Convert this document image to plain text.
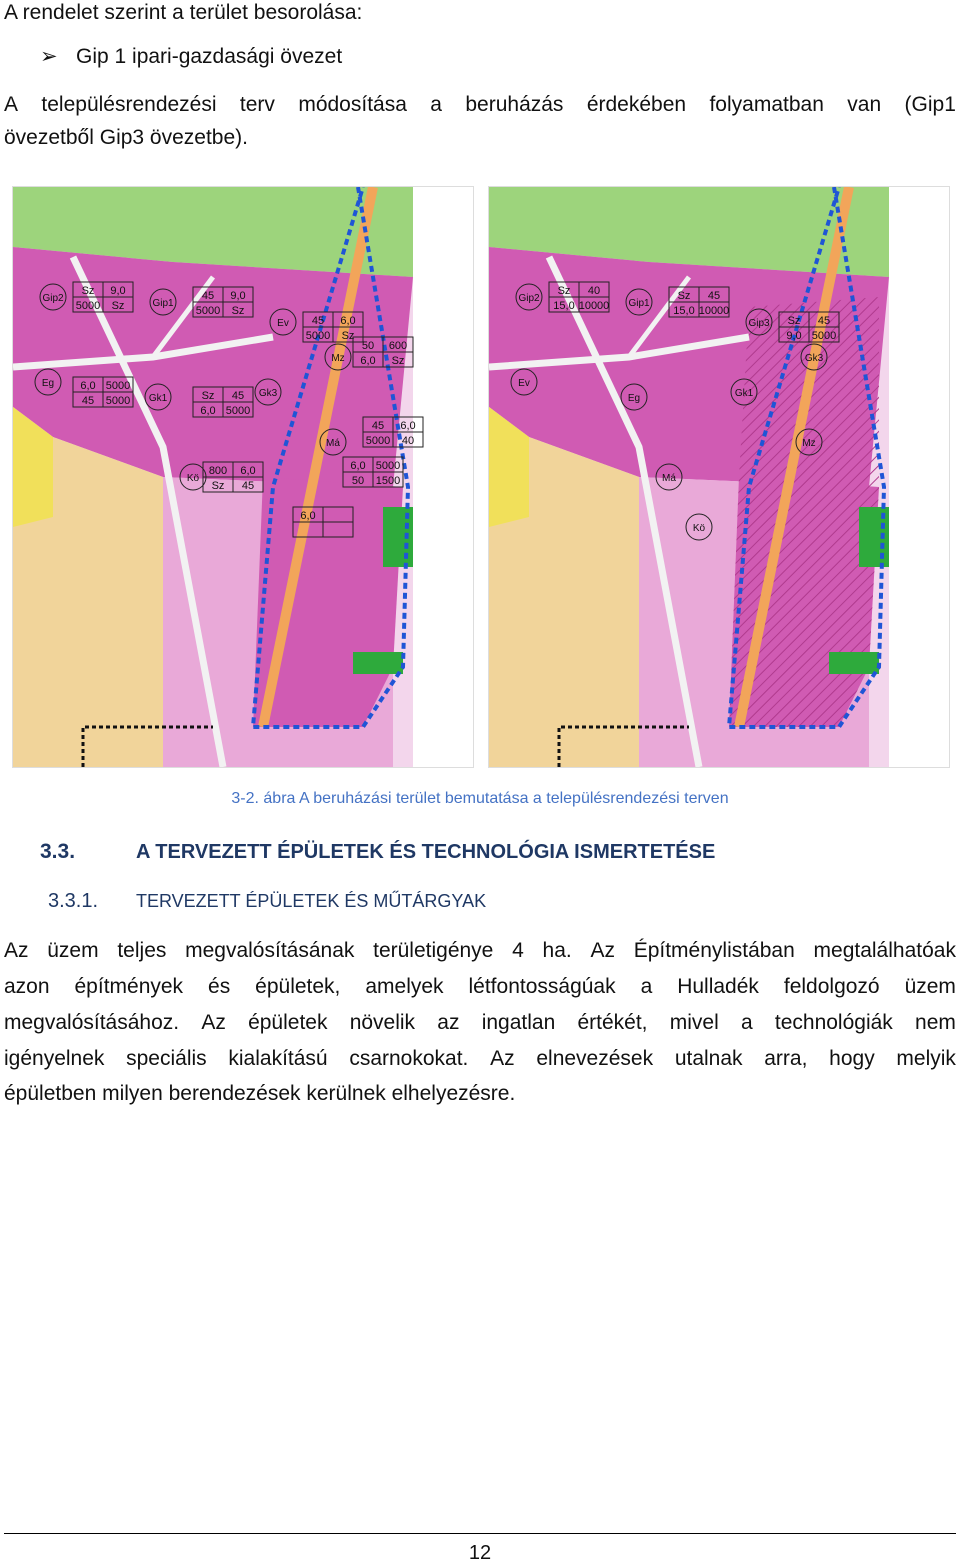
A rendelet szerint a terület besorolása:
➢ Gip 1 ipari-gazdasági övezet
A településrendezési terv módosítása a beruházás érdekében folyamatban van (Gip1
övezetből Gip3 övezetbe).
Gip2	Gip1
Ev
Eg
Gk1	Gk3
Mz
Má
Kö
Sz 9,0
5000 Sz
45 9,0
5000 Sz
45 6,0
5000 Sz
6,0 5000
45 5000	Sz 45
6,0 5000
50 600
6,0 Sz
45 6,0
5000 40
800 6,0
Sz 45
6,0 5000
50 1500
6,0
Gip2	Gip1
Gip3
Ev
Eg	Gk1
Gk3
Mz
Má
Kö
Sz 40
15,0 10000
Sz 45
15,0 10000
Sz 45
9,0 5000
3-2. ábra A beruházási terület bemutatása a településrendezési terven
3.3.	A TERVEZETT ÉPÜLETEK ÉS TECHNOLÓGIA ISMERTETÉSE
3.3.1. TERVEZETT ÉPÜLETEK ÉS MŰTÁRGYAK
Az üzem teljes megvalósításának területigénye 4 ha. Az Építménylistában megtalálhatóak
azon építmények és épületek, amelyek létfontosságúak a Hulladék feldolgozó üzem
megvalósításához. Az épületek növelik az ingatlan értékét, mivel a technológiák nem
igényelnek speciális kialakítású csarnokokat. Az elnevezések utalnak arra, hogy melyik
épületben milyen berendezések kerülnek elhelyezésre.
12
